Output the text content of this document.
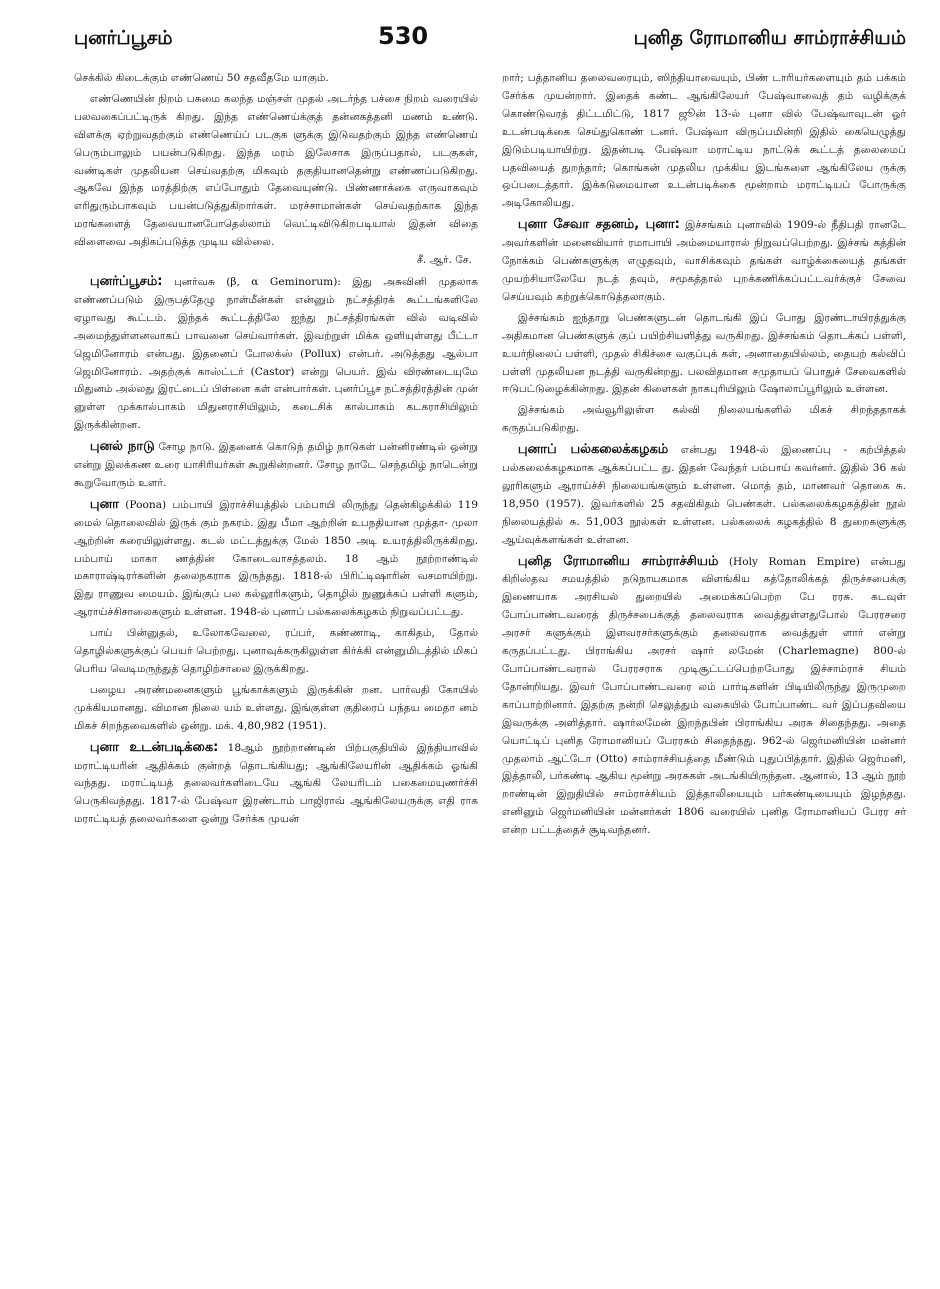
புனர்ப்பூசம்	530	புனித ரோமானிய சாம்ராச்சியம்

செக்கில் கிடைக்கும் எண்ணெய் 50 சதவீதமே யாகும்.

எண்ணெயின் நிறம் பசுமை கலந்த மஞ்சள் முதல் அடர்ந்த பச்சை நிறம் வரையில் பலவகைப்பட்டிருக் கிறது. இந்த எண்ணெய்க்குத் தன்னகத்தனி மணம் உண்டு. விளக்கு ஏற்றுவதற்கும் எண்ணெய்ப் படகுக ளுக்கு இடுவதற்கும் இந்த எண்ணெய் பெரும்பாலும் பயன்படுகிறது. இந்த மரம் இலேசாக இருப்பதால், படகுகள், வண்டிகள் முதலியன செய்வதற்கு மிகவும் தகுதியானதென்று எண்ணப்படுகிறது. ஆகவே இந்த மரத்திற்கு எப்போதும் தேவையுண்டு. பிண்ணாக்கை எருவாகவும் எரிதுரும்பாகவும் பயன்படுத்துகிறார்கள். மரச்சாமான்கள் செய்வதற்காக இந்த மரங்களைத் தேவையானபோதெல்லாம் வெட்டிவிடுகிறபடியால் இதன் விதை விளைவை அதிகப்படுத்த முடிய வில்லை.
சீ. ஆர். சே.

புனர்ப்பூசம்: புனர்வசு (β, α Geminorum): இது அசுவினி முதலாக எண்ணப்படும் இருபத்தேழு நாள்மீன்கள் என்னும் நட்சத்திரக் கூட்டங்களிலே ஏழாவது கூட்டம். இந்தக் கூட்டத்திலே ஐந்து நட்சத்திரங்கள் வில் வடிவில் அமைந்துள்ளனவாகப் பாவனை செய்வார்கள். இவற்றுள் மிக்க ஒளியுள்ளது பீட்டா ஜெமினோரம் என்பது. இதனைப் போலக்ஸ் (Pollux) என்பர். அடுத்தது ஆல்பா ஜெமினோரம். அதற்குக் காஸ்ட்டர் (Castor) என்று பெயர். இவ் விரண்டையுமே மிதுனம் அல்லது இரட்டைப் பிள்ளை கள் என்பார்கள். புனர்ப்பூச நட்சத்திரத்தின் முன் னுள்ள முக்கால்பாகம் மிதுனராசியிலும், கடைசிக் கால்பாகம் கடகராசியிலும் இருக்கின்றன.

புனல் நாடு சோழ நாடு. இதனைக் கொடுந் தமிழ் நாடுகள் பன்னிரண்டில் ஒன்று என்று இலக்கண உரை யாசிரியர்கள் கூறுகின்றனர். சோழ நாடே செந்தமிழ் நாடென்று கூறுவோரும் உளர்.

புனா (Poona) பம்பாயி இராச்சியத்தில் பம்பாயி லிருந்து தென்கிழக்கில் 119 மைல் தொலைவில் இருக் கும் நகரம். இது பீமா ஆற்றின் உபநதியான முத்தா- முலா ஆற்றின் கரையிலுள்ளது. கடல் மட்டத்துக்கு மேல் 1850 அடி உயரத்திலிருக்கிறது. பம்பாய் மாகா ணத்தின் கோடைவாசத்தலம். 18 ஆம் நூற்றாண்டில் மகாராஷ்டிரர்களின் தலைநகராக இருந்தது. 1818-ல் பிரிட்டிஷாரின் வசமாயிற்று. இது ராணுவ மையம். இங்குப் பல கல்லூரிகளும், தொழில் நுணுக்கப் பள்ளி களும், ஆராய்ச்சிசாலைகளும் உள்ளன. 1948-ல் புனாப் பல்கலைக்கழகம் நிறுவப்பட்டது.

பாய் பின்னுதல், உலோகவேலை, ரப்பர், கண்ணாடி, காகிதம், தோல் தொழில்களுக்குப் பெயர் பெற்றது. புனாவுக்கருகிலுள்ள கிர்க்கி என்னுமிடத்தில் மிகப் பெரிய வெடிமருந்துத் தொழிற்சாலை இருக்கிறது.

பழைய அரண்மனைகளும் பூங்காக்களும் இருக்கின் றன. பார்வதி கோயில் முக்கியமானது. விமான நிலை யம் உள்ளது. இங்குள்ள குதிரைப் பந்தய மைதா னம் மிகச் சிறந்தவைகளில் ஒன்று. மக். 4,80,982 (1951).

புனா உடன்படிக்கை: 18ஆம் நூற்றாண்டின் பிற்பகுதியில் இந்தியாவில் மராட்டியரின் ஆதிக்கம் குன்றத் தொடங்கியது; ஆங்கிலேயரின் ஆதிக்கம் ஓங்கி வந்தது. மராட்டியத் தலைவர்களிடையே ஆங்கி லேயரிடம் பகைமையுணர்ச்சி பெருகிவந்தது. 1817-ல் பேஷ்வா இரண்டாம் பாஜிராவ் ஆங்கிலேயருக்கு எதி ராக மராட்டியத் தலைவர்களை ஒன்று சேர்க்க முயன்

றார்; பத்தானிய தலைவரையும், ஸிந்தியாவையும், பிண் டாரியர்களையும் தம் பக்கம் சேர்க்க முயன்றார். இதைக் கண்ட ஆங்கிலேயர் பேஷ்வாவைத் தம் வழிக்குக் கொண்டுவரத் திட்டமிட்டு, 1817 ஜூன் 13-ல் புனா வில் பேஷ்வாவுடன் ஓர் உடன்படிக்கை செய்துகொண் டனர். பேஷ்வா விருப்பமின்றி இதில் கையெழுத்து இடும்படியாயிற்று. இதன்படி பேஷ்வா மராட்டிய நாட்டுக் கூட்டத் தலைமைப் பதவியைத் துறந்தார்; கொங்கன் முதலிய முக்கிய இடங்களை ஆங்கிலேய ருக்கு ஒப்படைத்தார். இக்கடுமையான உடன்படிக்கை மூன்றாம் மராட்டியப் போருக்கு அடிகோலியது.

புனா சேவா சதனம், புனா: இச்சங்கம் புனாவில் 1909-ல் நீதிபதி ரானடே அவர்களின் மனைவியார் ரமாபாயி அம்மையாரால் நிறுவப்பெற்றது. இச்சங் கத்தின் நோக்கம் பெண்களுக்கு எழுதவும், வாசிக்கவும் தங்கள் வாழ்க்கையைத் தங்கள் முயற்சியாலேயே நடத் தவும், சமூகத்தால் புறக்கணிக்கப்பட்டவர்க்குச் சேவை செய்யவும் கற்றுக்கொடுத்தலாகும்.

இச்சங்கம் ஐந்தாறு பெண்களுடன் தொடங்கி இப் போது இரண்டாயிரத்துக்கு அதிகமான பெண்களுக் குப் பயிற்சியளித்து வருகிறது. இச்சங்கம் தொடக்கப் பள்ளி, உயர்நிலைப் பள்ளி, முதல் சிகிச்சை வகுப்புக் கள், அனாதையில்லம், தையற் கல்விப் பள்ளி முதலியன நடத்தி வருகின்றது. பலவிதமான சமுதாயப் பொதுச் சேவைகளில் ஈடுபட்டுழைக்கின்றது. இதன் கிளைகள் நாகபுரியிலும் ஷோலாப்பூரிலும் உள்ளன.

இச்சங்கம் அவ்வூரிலுள்ள கல்வி நிலையங்களில் மிகச் சிறந்ததாகக் கருதப்படுகிறது.

புனாப் பல்கலைக்கழகம் என்பது 1948-ல் இணைப்பு - கற்பித்தல் பல்கலைக்கழகமாக ஆக்கப்பட்ட து. இதன் வேந்தர் பம்பாய் கவர்னர். இதில் 36 கல் லூரிகளும் ஆராய்ச்சி நிலையங்களும் உள்ளன. மொத் தம், மாணவர் தொகை சு. 18,950 (1957). இவர்களில் 25 சதவிகிதம் பெண்கள். பல்கலைக்கழகத்தின் நூல் நிலையத்தில் சு. 51,003 நூல்கள் உள்ளன. பல்கலைக் கழகத்தில் 8 துறைகளுக்கு ஆய்வுக்களங்கள் உள்ளன.

புனித ரோமானிய சாம்ராச்சியம் (Holy Roman Empire) என்பது கிறிஸ்தவ சமயத்தில் நடுநாயகமாக விளங்கிய கத்தோலிக்கத் திருச்சபைக்கு இணையாக அரசியல் துறையில் அமைக்கப்பெற்ற பே ரரசு. கடவுள் போப்பாண்டவரைத் திருச்சபைக்குத் தலைவராக வைத்துள்ளதுபோல் பேரரசரை அரசர் களுக்கும் இளவரசர்களுக்கும் தலைவராக வைத்துள் ளார் என்று கருதப்பட்டது. பிராங்கிய அரசர் ஷார் லமேன் (Charlemagne) 800-ல் போப்பாண்டவரால் பேரரசராக முடிசூட்டப்பெற்றபோது இச்சாம்ராச் சியம் தோன்றியது. இவர் போப்பாண்டவரை லம் பார்டிகளின் பிடியிலிருந்து இருமுறை காப்பாற்றினார். இதற்கு நன்றி செலுத்தும் வகையில் போப்பாண்ட வர் இப்பதவியை இவருக்கு அளித்தார். ஷார்லமேன் இறந்தபின் பிராங்கிய அரசு சிதைந்தது. அதை யொட்டிப் புனித ரோமானியப் பேரரசும் சிதைந்தது. 962-ல் ஜெர்மனியின் மன்னர் முதலாம் ஆட்டோ (Otto) சாம்ராச்சியத்தை மீண்டும் புதுப்பித்தார். இதில் ஜெர்மனி, இத்தாலி, பர்கண்டி ஆகிய மூன்று அரசுகள் அடங்கியிருந்தன. ஆனால், 13 ஆம் நூற் றாண்டின் இறுதியில் சாம்ராச்சியம் இத்தாலியையும் பர்கண்டியையும் இழந்தது. எனினும் ஜெர்மனியின் மன்னர்கள் 1806 வரையில் புனித ரோமானியப் பேரர சர் என்ற பட்டத்தைச் சூடிவந்தனர்.
